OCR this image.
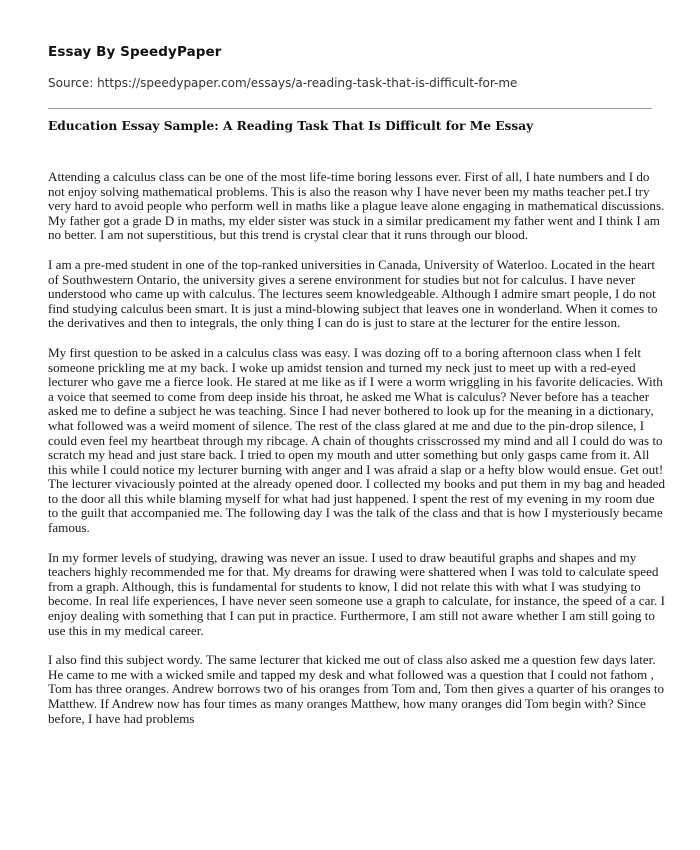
Essay By SpeedyPaper
Source: https://speedypaper.com/essays/a-reading-task-that-is-difficult-for-me
Education Essay Sample: A Reading Task That Is Difficult for Me Essay

Attending a calculus class can be one of the most life-time boring lessons ever. First of all, I hate numbers and I do not enjoy solving mathematical problems. This is also the reason why I have never been my maths teacher pet.I try very hard to avoid people who perform well in maths like a plague leave alone engaging in mathematical discussions. My father got a grade D in maths, my elder sister was stuck in a similar predicament my father went and I think I am no better. I am not superstitious, but this trend is crystal clear that it runs through our blood.

I am a pre-med student in one of the top-ranked universities in Canada, University of Waterloo. Located in the heart of Southwestern Ontario, the university gives a serene environment for studies but not for calculus. I have never understood who came up with calculus. The lectures seem knowledgeable. Although I admire smart people, I do not find studying calculus been smart. It is just a mind-blowing subject that leaves one in wonderland. When it comes to the derivatives and then to integrals, the only thing I can do is just to stare at the lecturer for the entire lesson.

My first question to be asked in a calculus class was easy. I was dozing off to a boring afternoon class when I felt someone prickling me at my back. I woke up amidst tension and turned my neck just to meet up with a red-eyed lecturer who gave me a fierce look. He stared at me like as if I were a worm wriggling in his favorite delicacies. With a voice that seemed to come from deep inside his throat, he asked me What is calculus? Never before has a teacher asked me to define a subject he was teaching. Since I had never bothered to look up for the meaning in a dictionary, what followed was a weird moment of silence. The rest of the class glared at me and due to the pin-drop silence, I could even feel my heartbeat through my ribcage. A chain of thoughts crisscrossed my mind and all I could do was to scratch my head and just stare back. I tried to open my mouth and utter something but only gasps came from it. All this while I could notice my lecturer burning with anger and I was afraid a slap or a hefty blow would ensue. Get out! The lecturer vivaciously pointed at the already opened door. I collected my books and put them in my bag and headed to the door all this while blaming myself for what had just happened. I spent the rest of my evening in my room due to the guilt that accompanied me. The following day I was the talk of the class and that is how I mysteriously became famous.

In my former levels of studying, drawing was never an issue. I used to draw beautiful graphs and shapes and my teachers highly recommended me for that. My dreams for drawing were shattered when I was told to calculate speed from a graph. Although, this is fundamental for students to know, I did not relate this with what I was studying to become. In real life experiences, I have never seen someone use a graph to calculate, for instance, the speed of a car. I enjoy dealing with something that I can put in practice. Furthermore, I am still not aware whether I am still going to use this in my medical career.

I also find this subject wordy. The same lecturer that kicked me out of class also asked me a question few days later. He came to me with a wicked smile and tapped my desk and what followed was a question that I could not fathom , Tom has three oranges. Andrew borrows two of his oranges from Tom and, Tom then gives a quarter of his oranges to Matthew. If Andrew now has four times as many oranges Matthew, how many oranges did Tom begin with? Since before, I have had problems
